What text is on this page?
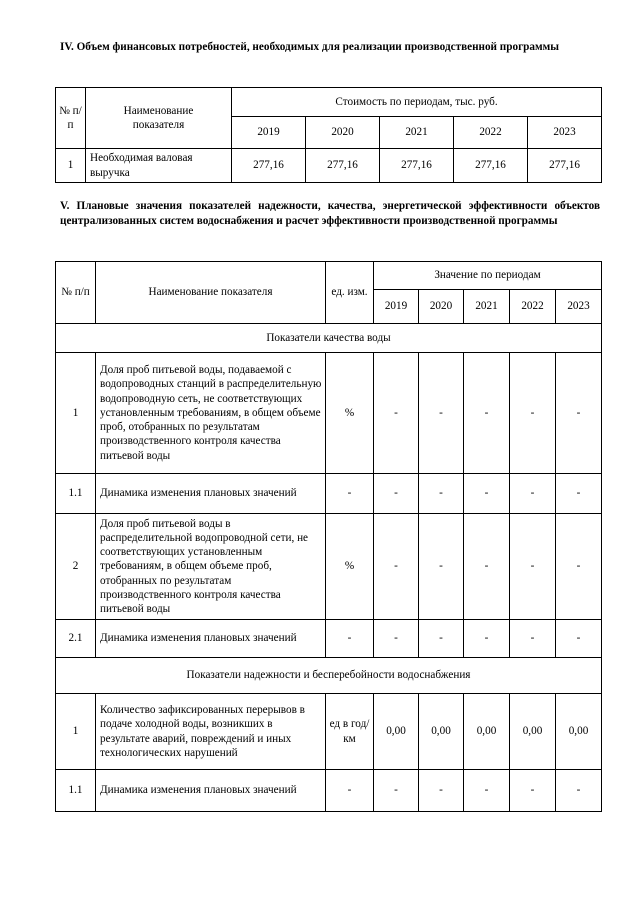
IV. Объем финансовых потребностей, необходимых для реализации производственной программы
№ п/п	Наименование показателя	Стоимость по периодам, тыс. руб.				
		2019	2020	2021	2022	2023
1	Необходимая валовая выручка	277,16	277,16	277,16	277,16	277,16
V. Плановые значения показателей надежности, качества, энергетической эффективности объектов централизованных систем водоснабжения и расчет эффективности производственной программы
№ п/п	Наименование показателя	ед. изм.	Значение по периодам				
			2019	2020	2021	2022	2023
Показатели качества воды							
1	Доля проб питьевой воды, подаваемой с водопроводных станций в распределительную водопроводную сеть, не соответствующих установленным требованиям, в общем объеме проб, отобранных по результатам производственного контроля качества питьевой воды	%	-	-	-	-	-
1.1	Динамика изменения плановых значений	-	-	-	-	-	-
2	Доля проб питьевой воды в распределительной водопроводной сети, не соответствующих установленным требованиям, в общем объеме проб, отобранных по результатам производственного контроля качества питьевой воды	%	-	-	-	-	-
2.1	Динамика изменения плановых значений	-	-	-	-	-	-
Показатели надежности и бесперебойности водоснабжения							
1	Количество зафиксированных перерывов в подаче холодной воды, возникших в результате аварий, повреждений и иных технологических нарушений	ед в год/ км	0,00	0,00	0,00	0,00	0,00
1.1	Динамика изменения плановых значений	-	-	-	-	-	-
